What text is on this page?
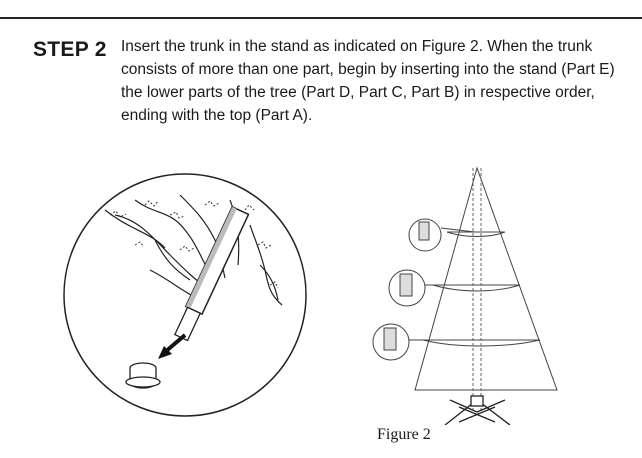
STEP 2 Insert the trunk in the stand as indicated on Figure 2. When the trunk consists of more than one part, begin by inserting into the stand (Part E) the lower parts of the tree (Part D, Part C, Part B) in respective order, ending with the top (Part A).
Figure 2
